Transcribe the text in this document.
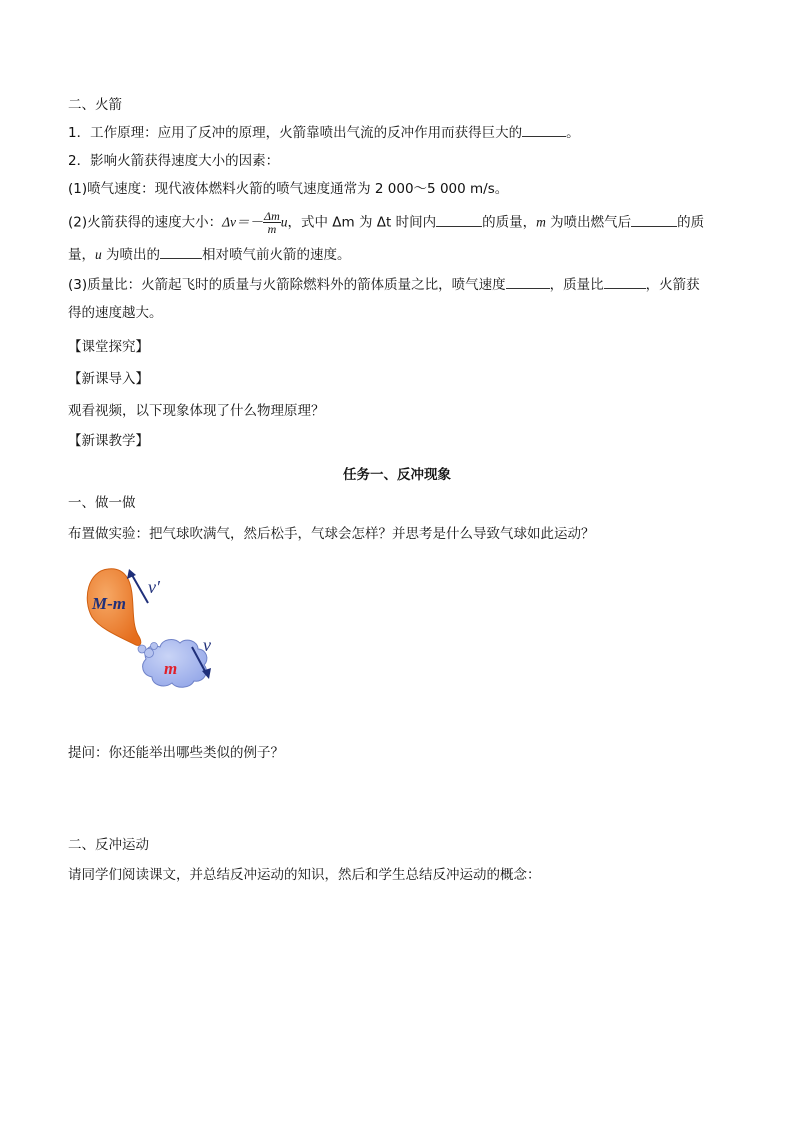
二、火箭
1．工作原理：应用了反冲的原理，火箭靠喷出气流的反冲作用而获得巨大的	。
2．影响火箭获得速度大小的因素：
(1)喷气速度：现代液体燃料火箭的喷气速度通常为 2 000～5 000 m/s。
(2)火箭获得的速度大小：$\Delta v=- \frac{\Delta m}{m}$ u，式中 Δm 为 Δt 时间内	的质量，m 为喷出燃气后	的质
量，u 为喷出的	相对喷气前火箭的速度。
(3)质量比：火箭起飞时的质量与火箭除燃料外的箭体质量之比，喷气速度	，质量比	，火箭获
得的速度越大。
【课堂探究】
【新课导入】
观看视频，以下现象体现了什么物理原理？
【新课教学】
任务一、反冲现象
一、做一做
布置做实验：把气球吹满气，然后松手，气球会怎样？并思考是什么导致气球如此运动？
M-m
v′
v
m
提问：你还能举出哪些类似的例子？
二、反冲运动
请同学们阅读课文，并总结反冲运动的知识，然后和学生总结反冲运动的概念：
